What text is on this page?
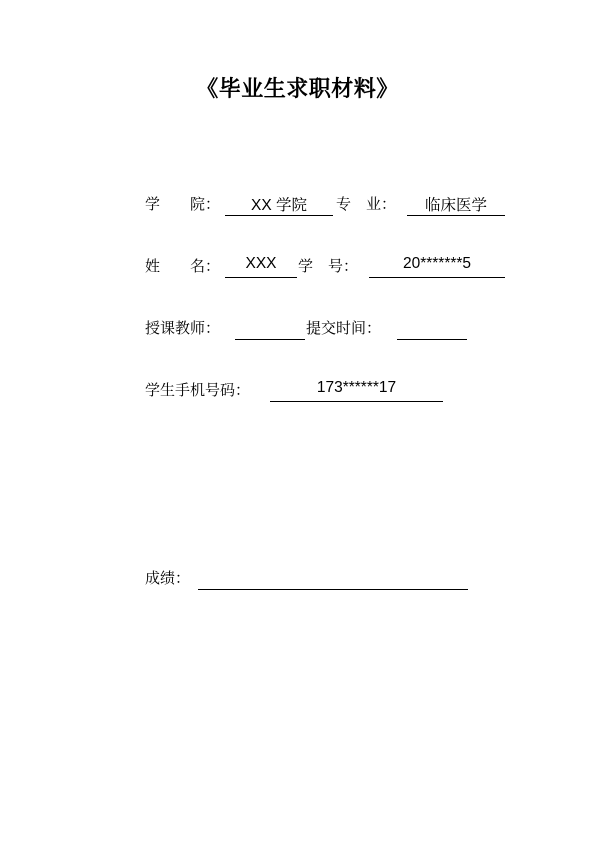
《毕业生求职材料》
学　　院：	XX 学院	专　业：	临床医学
姓　　名：	XXX	学　号：	20*******5
授课教师：	提交时间：
学生手机号码：	173******17
成绩：
